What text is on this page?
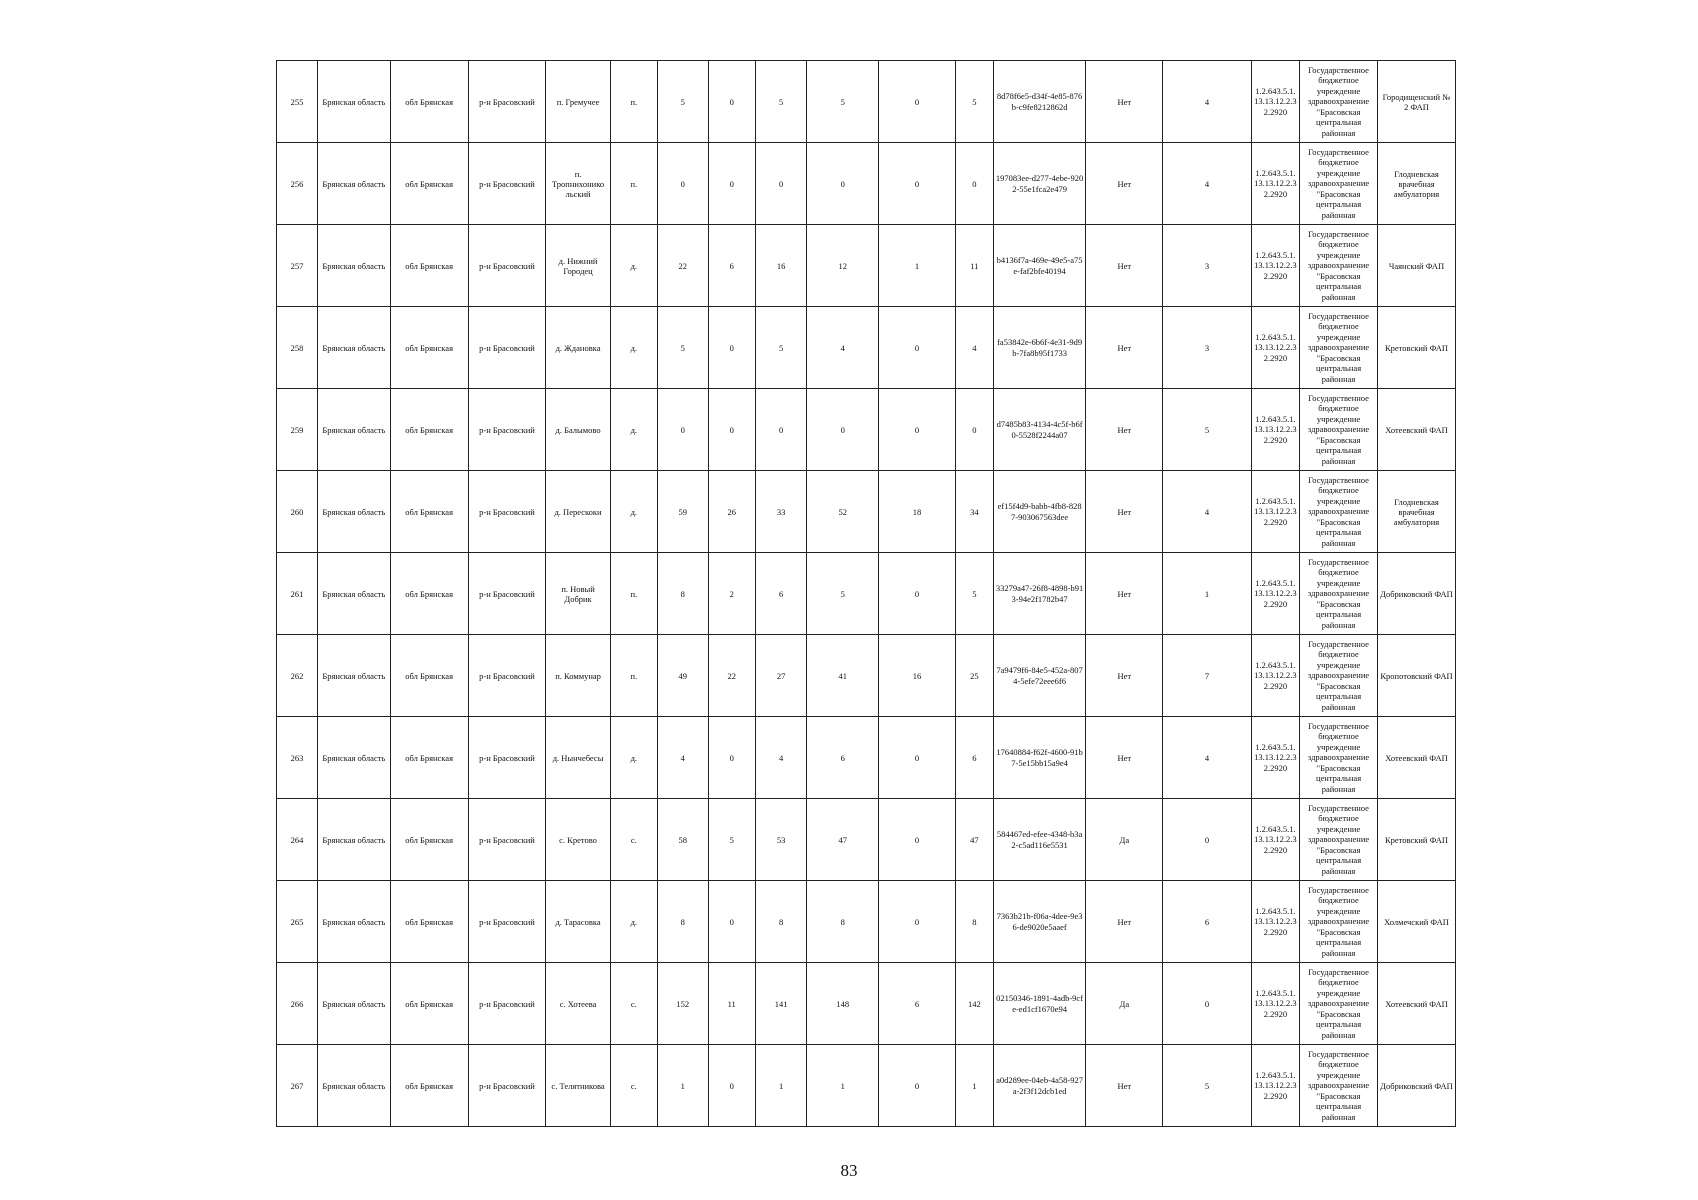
255	Брянская область	обл Брянская	р-н Брасовский	п. Гремучее	п.	5	0	5	5	0	5	8d78f6e5-d34f-4e85-876b-c9fe8212862d	Нет	4	1.2.643.5.1.13.13.12.2.32.2920	Государственное бюджетное учреждение здравоохранение "Брасовская центральная районная	Городищенский № 2 ФАП
256	Брянская область	обл Брянская	р-н Брасовский	п. Тропнихонико льский	п.	0	0	0	0	0	0	197083ee-d277-4ebe-9202-55e1fca2e479	Нет	4	1.2.643.5.1.13.13.12.2.32.2920	Государственное бюджетное учреждение здравоохранение "Брасовская центральная районная	Глодневская врачебная амбулатория
257	Брянская область	обл Брянская	р-н Брасовский	д. Нижний Городец	д.	22	6	16	12	1	11	b4136f7a-469e-49e5-a75e-faf2bfe40194	Нет	3	1.2.643.5.1.13.13.12.2.32.2920	Государственное бюджетное учреждение здравоохранение "Брасовская центральная районная	Чаянский ФАП
258	Брянская область	обл Брянская	р-н Брасовский	д. Ждановка	д.	5	0	5	4	0	4	fa53842e-6b6f-4e31-9d9b-7fa8b95f1733	Нет	3	1.2.643.5.1.13.13.12.2.32.2920	Государственное бюджетное учреждение здравоохранение "Брасовская центральная районная	Кретовский ФАП
259	Брянская область	обл Брянская	р-н Брасовский	д. Балымово	д.	0	0	0	0	0	0	d7485b83-4134-4c5f-b6f0-5528f2244a07	Нет	5	1.2.643.5.1.13.13.12.2.32.2920	Государственное бюджетное учреждение здравоохранение "Брасовская центральная районная	Хотеевский ФАП
260	Брянская область	обл Брянская	р-н Брасовский	д. Перескоки	д.	59	26	33	52	18	34	ef15f4d9-babb-4fb8-8287-903067563dee	Нет	4	1.2.643.5.1.13.13.12.2.32.2920	Государственное бюджетное учреждение здравоохранение "Брасовская центральная районная	Глодневская врачебная амбулатория
261	Брянская область	обл Брянская	р-н Брасовский	п. Новый Добрик	п.	8	2	6	5	0	5	33279a47-26f8-4898-b913-94e2f1782b47	Нет	1	1.2.643.5.1.13.13.12.2.32.2920	Государственное бюджетное учреждение здравоохранение "Брасовская центральная районная	Добриковский ФАП
262	Брянская область	обл Брянская	р-н Брасовский	п. Коммунар	п.	49	22	27	41	16	25	7a9479f6-84e5-452a-8074-5efe72eee6f6	Нет	7	1.2.643.5.1.13.13.12.2.32.2920	Государственное бюджетное учреждение здравоохранение "Брасовская центральная районная	Кропотовский ФАП
263	Брянская область	обл Брянская	р-н Брасовский	д. Нынчебесы	д.	4	0	4	6	0	6	17640884-f62f-4600-91b7-5e15bb15a9e4	Нет	4	1.2.643.5.1.13.13.12.2.32.2920	Государственное бюджетное учреждение здравоохранение "Брасовская центральная районная	Хотеевский ФАП
264	Брянская область	обл Брянская	р-н Брасовский	с. Кретово	с.	58	5	53	47	0	47	584467ed-efee-4348-b3a2-c5ad116e5531	Да	0	1.2.643.5.1.13.13.12.2.32.2920	Государственное бюджетное учреждение здравоохранение "Брасовская центральная районная	Кретовский ФАП
265	Брянская область	обл Брянская	р-н Брасовский	д. Тарасовка	д.	8	0	8	8	0	8	7363b21b-f06a-4dee-9e36-de9020e5aaef	Нет	6	1.2.643.5.1.13.13.12.2.32.2920	Государственное бюджетное учреждение здравоохранение "Брасовская центральная районная	Холмечский ФАП
266	Брянская область	обл Брянская	р-н Брасовский	с. Хотеева	с.	152	11	141	148	6	142	02150346-1891-4adb-9cfe-ed1cf1670e94	Да	0	1.2.643.5.1.13.13.12.2.32.2920	Государственное бюджетное учреждение здравоохранение "Брасовская центральная районная	Хотеевский ФАП
267	Брянская область	обл Брянская	р-н Брасовский	с. Телятникова	с.	1	0	1	1	0	1	a0d289ee-04eb-4a58-927a-2f3f12dcb1ed	Нет	5	1.2.643.5.1.13.13.12.2.32.2920	Государственное бюджетное учреждение здравоохранение "Брасовская центральная районная	Добриковский ФАП
83
